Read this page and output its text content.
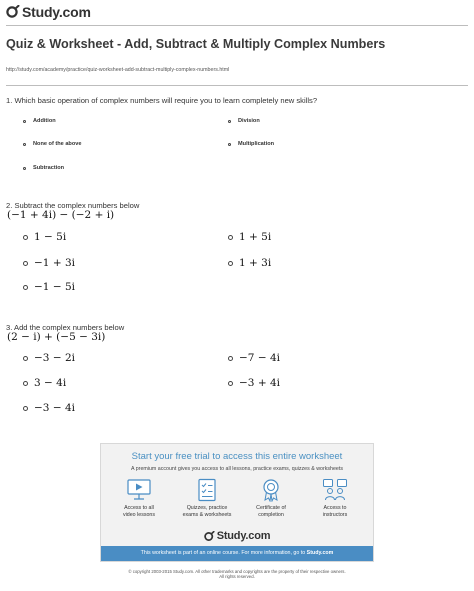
Study.com
Quiz & Worksheet - Add, Subtract & Multiply Complex Numbers
http://study.com/academy/practice/quiz-worksheet-add-subtract-multiply-complex-numbers.html
1. Which basic operation of complex numbers will require you to learn completely new skills?
Addition	Division
None of the above	Multiplication
Subtraction
2. Subtract the complex numbers below
(−1 + 4i) − (−2 + i)
1 − 5i	1 + 5i
−1 + 3i	1 + 3i
−1 − 5i
3. Add the complex numbers below
(2 − i) + (−5 − 3i)
−3 − 2i	−7 − 4i
3 − 4i	−3 + 4i
−3 − 4i
Start your free trial to access this entire worksheet
A premium account gives you access to all lessons, practice exams, quizzes & worksheets
Access to all
video lessons
Quizzes, practice
exams & worksheets
Certificate of
completion
Access to
instructors
Study.com
This worksheet is part of an online course. For more information, go to Study.com
© copyright 2003-2015 Study.com. All other trademarks and copyrights are the property of their respective owners.
All rights reserved.
